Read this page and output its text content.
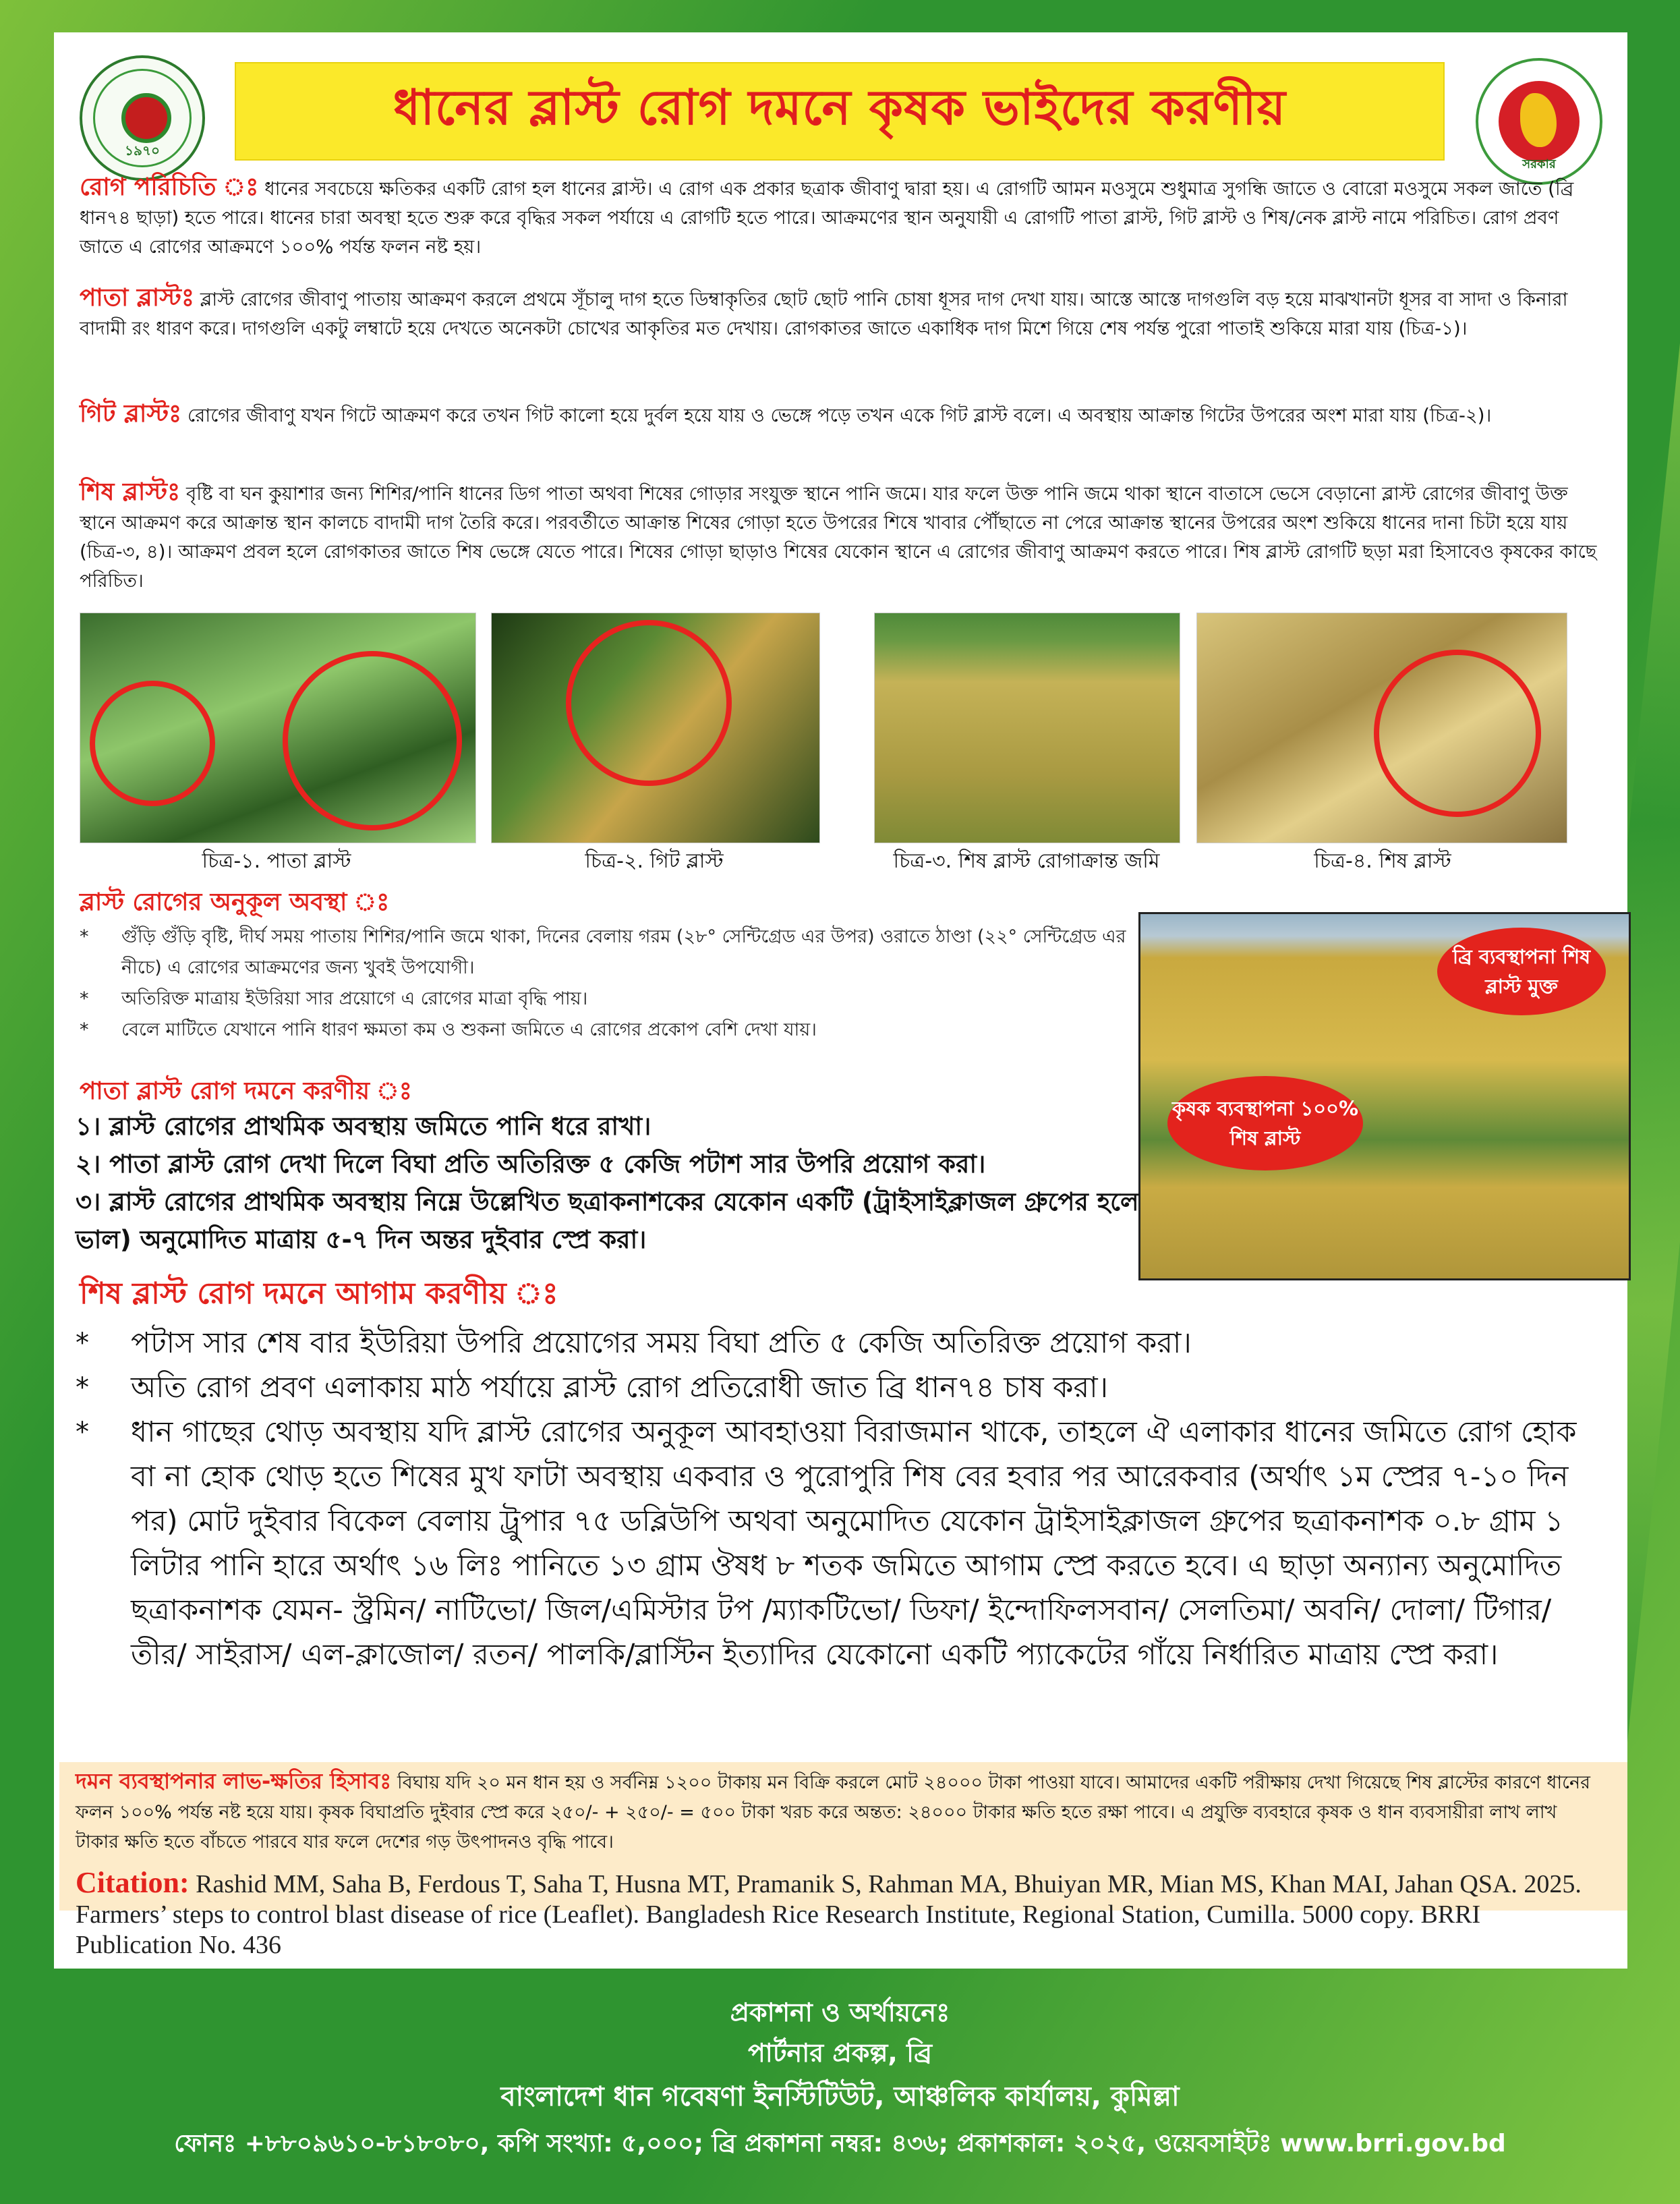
১৯৭০
ধানের ব্লাস্ট রোগ দমনে কৃষক ভাইদের করণীয়
সরকার
রোগ পরিচিতি ঃ ধানের সবচেয়ে ক্ষতিকর একটি রোগ হল ধানের ব্লাস্ট। এ রোগ এক প্রকার ছত্রাক জীবাণু দ্বারা হয়। এ রোগটি আমন মওসুমে শুধুমাত্র সুগন্ধি জাতে ও বোরো মওসুমে সকল জাতে (ব্রি ধান৭৪ ছাড়া) হতে পারে। ধানের চারা অবস্থা হতে শুরু করে বৃদ্ধির সকল পর্যায়ে এ রোগটি হতে পারে। আক্রমণের স্থান অনুযায়ী এ রোগটি পাতা ব্লাস্ট, গিট ব্লাস্ট ও শিষ/নেক ব্লাস্ট নামে পরিচিত। রোগ প্রবণ জাতে এ রোগের আক্রমণে ১০০% পর্যন্ত ফলন নষ্ট হয়।
পাতা ব্লাস্টঃ ব্লাস্ট রোগের জীবাণু পাতায় আক্রমণ করলে প্রথমে সূঁচালু দাগ হতে ডিম্বাকৃতির ছোট ছোট পানি চোষা ধূসর দাগ দেখা যায়। আস্তে আস্তে দাগগুলি বড় হয়ে মাঝখানটা ধূসর বা সাদা ও কিনারা বাদামী রং ধারণ করে। দাগগুলি একটু লম্বাটে হয়ে দেখতে অনেকটা চোখের আকৃতির মত দেখায়। রোগকাতর জাতে একাধিক দাগ মিশে গিয়ে শেষ পর্যন্ত পুরো পাতাই শুকিয়ে মারা যায় (চিত্র-১)।
গিট ব্লাস্টঃ রোগের জীবাণু যখন গিটে আক্রমণ করে তখন গিট কালো হয়ে দুর্বল হয়ে যায় ও ভেঙ্গে পড়ে তখন একে গিট ব্লাস্ট বলে। এ অবস্থায় আক্রান্ত গিটের উপরের অংশ মারা যায় (চিত্র-২)।
শিষ ব্লাস্টঃ বৃষ্টি বা ঘন কুয়াশার জন্য শিশির/পানি ধানের ডিগ পাতা অথবা শিষের গোড়ার সংযুক্ত স্থানে পানি জমে। যার ফলে উক্ত পানি জমে থাকা স্থানে বাতাসে ভেসে বেড়ানো ব্লাস্ট রোগের জীবাণু উক্ত স্থানে আক্রমণ করে আক্রান্ত স্থান কালচে বাদামী দাগ তৈরি করে। পরবর্তীতে আক্রান্ত শিষের গোড়া হতে উপরের শিষে খাবার পৌঁছাতে না পেরে আক্রান্ত স্থানের উপরের অংশ শুকিয়ে ধানের দানা চিটা হয়ে যায় (চিত্র-৩, ৪)। আক্রমণ প্রবল হলে রোগকাতর জাতে শিষ ভেঙ্গে যেতে পারে। শিষের গোড়া ছাড়াও শিষের যেকোন স্থানে এ রোগের জীবাণু আক্রমণ করতে পারে। শিষ ব্লাস্ট রোগটি ছড়া মরা হিসাবেও কৃষকের কাছে পরিচিত।
চিত্র-১. পাতা ব্লাস্ট	চিত্র-২. গিট ব্লাস্ট	চিত্র-৩. শিষ ব্লাস্ট রোগাক্রান্ত জমি	চিত্র-৪. শিষ ব্লাস্ট
ব্লাস্ট রোগের অনুকূল অবস্থা ঃ
*	গুঁড়ি গুঁড়ি বৃষ্টি, দীর্ঘ সময় পাতায় শিশির/পানি জমে থাকা, দিনের বেলায় গরম (২৮° সেন্টিগ্রেড এর উপর) ওরাতে ঠাণ্ডা (২২° সেন্টিগ্রেড এর নীচে) এ রোগের আক্রমণের জন্য খুবই উপযোগী।
*	অতিরিক্ত মাত্রায় ইউরিয়া সার প্রয়োগে এ রোগের মাত্রা বৃদ্ধি পায়।
*	বেলে মাটিতে যেখানে পানি ধারণ ক্ষমতা কম ও শুকনা জমিতে এ রোগের প্রকোপ বেশি দেখা যায়।
ব্রি ব্যবস্থাপনা শিষ ব্লাস্ট মুক্ত
কৃষক ব্যবস্থাপনা ১০০% শিষ ব্লাস্ট
পাতা ব্লাস্ট রোগ দমনে করণীয় ঃ
১। ব্লাস্ট রোগের প্রাথমিক অবস্থায় জমিতে পানি ধরে রাখা।
২। পাতা ব্লাস্ট রোগ দেখা দিলে বিঘা প্রতি অতিরিক্ত ৫ কেজি পটাশ সার উপরি প্রয়োগ করা।
৩। ব্লাস্ট রোগের প্রাথমিক অবস্থায় নিম্নে উল্লেখিত ছত্রাকনাশকের যেকোন একটি (ট্রাইসাইক্লাজল গ্রুপের হলে ভাল) অনুমোদিত মাত্রায় ৫-৭ দিন অন্তর দুইবার স্প্রে করা।
শিষ ব্লাস্ট রোগ দমনে আগাম করণীয় ঃ
*	পটাস সার শেষ বার ইউরিয়া উপরি প্রয়োগের সময় বিঘা প্রতি ৫ কেজি অতিরিক্ত প্রয়োগ করা।
*	অতি রোগ প্রবণ এলাকায় মাঠ পর্যায়ে ব্লাস্ট রোগ প্রতিরোধী জাত ব্রি ধান৭৪ চাষ করা।
*	ধান গাছের থোড় অবস্থায় যদি ব্লাস্ট রোগের অনুকূল আবহাওয়া বিরাজমান থাকে, তাহলে ঐ এলাকার ধানের জমিতে রোগ হোক বা না হোক থোড় হতে শিষের মুখ ফাটা অবস্থায় একবার ও পুরোপুরি শিষ বের হবার পর আরেকবার (অর্থাৎ ১ম স্প্রের ৭-১০ দিন পর) মোট দুইবার বিকেল বেলায় ট্রুপার ৭৫ ডব্লিউপি অথবা অনুমোদিত যেকোন ট্রাইসাইক্লাজল গ্রুপের ছত্রাকনাশক ০.৮ গ্রাম ১ লিটার পানি হারে অর্থাৎ ১৬ লিঃ পানিতে ১৩ গ্রাম ঔষধ ৮ শতক জমিতে আগাম স্প্রে করতে হবে। এ ছাড়া অন্যান্য অনুমোদিত ছত্রাকনাশক যেমন- স্ট্রমিন/ নাটিভো/ জিল/এমিস্টার টপ /ম্যাকটিভো/ ডিফা/ ইন্দোফিলসবান/ সেলতিমা/ অবনি/ দোলা/ টিগার/ তীর/ সাইরাস/ এল-ক্লাজোল/ রতন/ পালকি/ব্লাস্টিন ইত্যাদির যেকোনো একটি প্যাকেটের গাঁয়ে নির্ধারিত মাত্রায় স্প্রে করা।
দমন ব্যবস্থাপনার লাভ-ক্ষতির হিসাবঃ বিঘায় যদি ২০ মন ধান হয় ও সর্বনিম্ন ১২০০ টাকায় মন বিক্রি করলে মোট ২৪০০০ টাকা পাওয়া যাবে। আমাদের একটি পরীক্ষায় দেখা গিয়েছে শিষ ব্লাস্টের কারণে ধানের ফলন ১০০% পর্যন্ত নষ্ট হয়ে যায়। কৃষক বিঘাপ্রতি দুইবার স্প্রে করে ২৫০/- + ২৫০/- = ৫০০ টাকা খরচ করে অন্তত: ২৪০০০ টাকার ক্ষতি হতে রক্ষা পাবে। এ প্রযুক্তি ব্যবহারে কৃষক ও ধান ব্যবসায়ীরা লাখ লাখ টাকার ক্ষতি হতে বাঁচতে পারবে যার ফলে দেশের গড় উৎপাদনও বৃদ্ধি পাবে।
Citation: Rashid MM, Saha B, Ferdous T, Saha T, Husna MT, Pramanik S, Rahman MA, Bhuiyan MR, Mian MS, Khan MAI, Jahan QSA. 2025. Farmers’ steps to control blast disease of rice (Leaflet). Bangladesh Rice Research Institute, Regional Station, Cumilla. 5000 copy. BRRI Publication No. 436
প্রকাশনা ও অর্থায়নেঃ
পার্টনার প্রকল্প, ব্রি
বাংলাদেশ ধান গবেষণা ইনস্টিটিউট, আঞ্চলিক কার্যালয়, কুমিল্লা
ফোনঃ +৮৮০৯৬১০-৮১৮০৮০, কপি সংখ্যা: ৫,০০০; ব্রি প্রকাশনা নম্বর: ৪৩৬; প্রকাশকাল: ২০২৫, ওয়েবসাইটঃ www.brri.gov.bd
